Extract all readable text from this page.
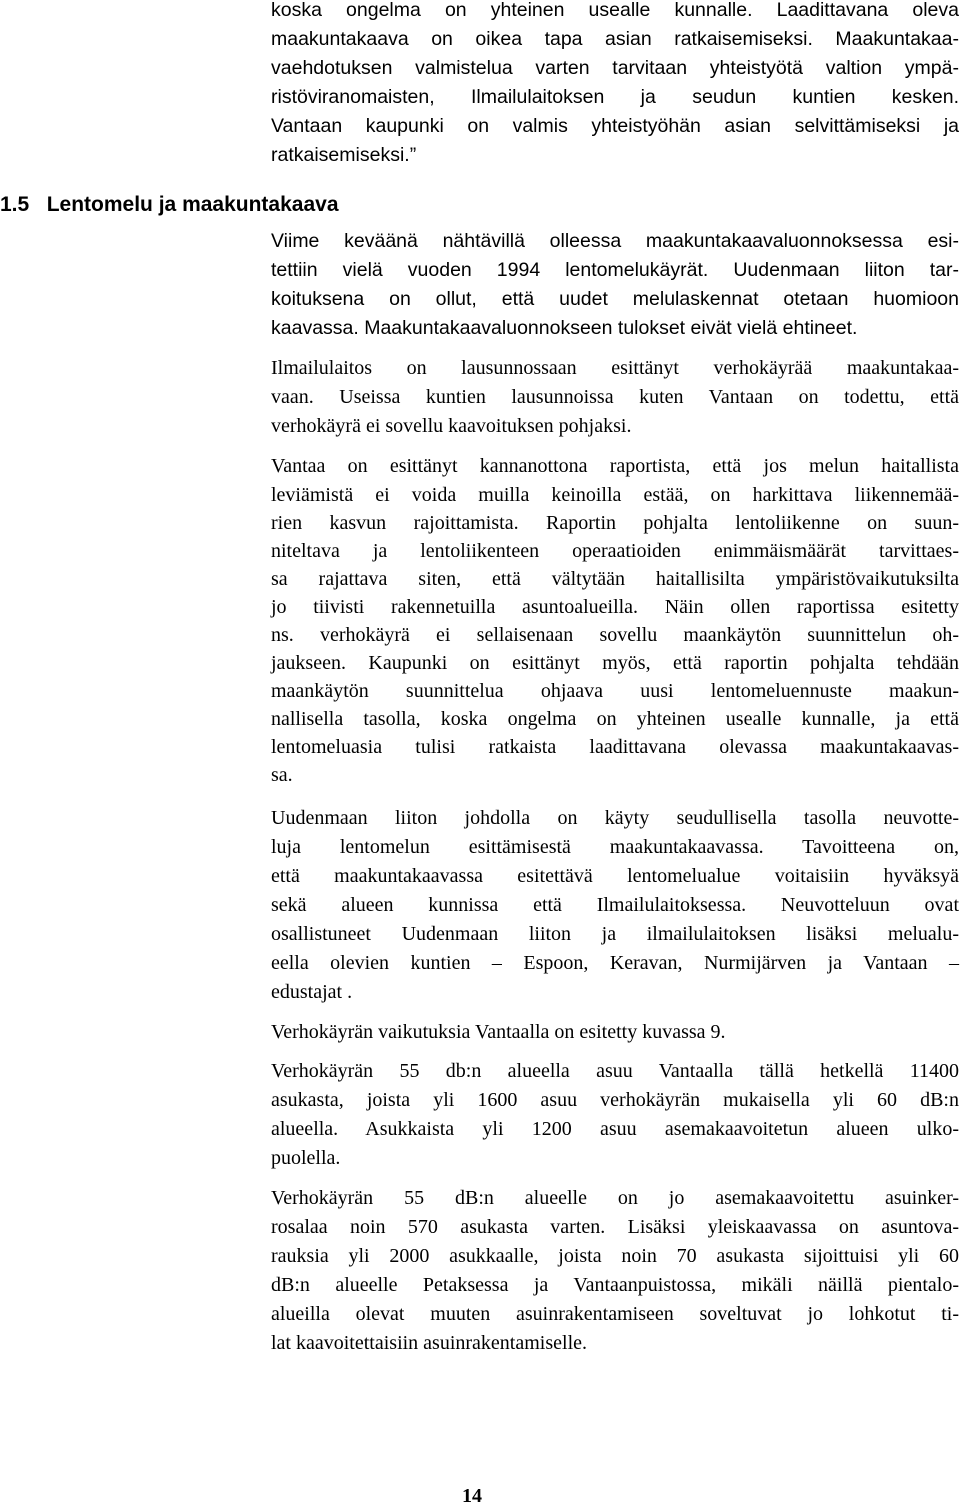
koska ongelma on yhteinen usealle kunnalle. Laadittavana oleva
maakuntakaava on oikea tapa asian ratkaisemiseksi. Maakuntakaa-
vaehdotuksen valmistelua varten tarvitaan yhteistyötä valtion ympä-
ristöviranomaisten, Ilmailulaitoksen ja seudun kuntien kesken.
Vantaan kaupunki on valmis yhteistyöhän asian selvittämiseksi ja
ratkaisemiseksi.”
1.5 Lentomelu ja maakuntakaava
Viime keväänä nähtävillä olleessa maakuntakaavaluonnoksessa esi-
tettiin vielä vuoden 1994 lentomelukäyrät. Uudenmaan liiton tar-
koituksena on ollut, että uudet melulaskennat otetaan huomioon
kaavassa. Maakuntakaavaluonnokseen tulokset eivät vielä ehtineet.
Ilmailulaitos on lausunnossaan esittänyt verhokäyrää maakuntakaa-
vaan. Useissa kuntien lausunnoissa kuten Vantaan on todettu, että
verhokäyrä ei sovellu kaavoituksen pohjaksi.
Vantaa on esittänyt kannanottona raportista, että jos melun haitallista
leviämistä ei voida muilla keinoilla estää, on harkittava liikennemää-
rien kasvun rajoittamista. Raportin pohjalta lentoliikenne on suun-
niteltava ja lentoliikenteen operaatioiden enimmäismäärät tarvittaes-
sa rajattava siten, että vältytään haitallisilta ympäristövaikutuksilta
jo tiivisti rakennetuilla asuntoalueilla. Näin ollen raportissa esitetty
ns. verhokäyrä ei sellaisenaan sovellu maankäytön suunnittelun oh-
jaukseen. Kaupunki on esittänyt myös, että raportin pohjalta tehdään
maankäytön suunnittelua ohjaava uusi lentomeluennuste maakun-
nallisella tasolla, koska ongelma on yhteinen usealle kunnalle, ja että
lentomeluasia tulisi ratkaista laadittavana olevassa maakuntakaavas-
sa.
Uudenmaan liiton johdolla on käyty seudullisella tasolla neuvotte-
luja lentomelun esittämisestä maakuntakaavassa. Tavoitteena on,
että maakuntakaavassa esitettävä lentomelualue voitaisiin hyväksyä
sekä alueen kunnissa että Ilmailulaitoksessa. Neuvotteluun ovat
osallistuneet Uudenmaan liiton ja ilmailulaitoksen lisäksi melualu-
eella olevien kuntien – Espoon, Keravan, Nurmijärven ja Vantaan –
edustajat .
Verhokäyrän vaikutuksia Vantaalla on esitetty kuvassa 9.
Verhokäyrän 55 db:n alueella asuu Vantaalla tällä hetkellä 11400
asukasta, joista yli 1600 asuu verhokäyrän mukaisella yli 60 dB:n
alueella. Asukkaista yli 1200 asuu asemakaavoitetun alueen ulko-
puolella.
Verhokäyrän 55 dB:n alueelle on jo asemakaavoitettu asuinker-
rosalaa noin 570 asukasta varten. Lisäksi yleiskaavassa on asuntova-
rauksia yli 2000 asukkaalle, joista noin 70 asukasta sijoittuisi yli 60
dB:n alueelle Petaksessa ja Vantaanpuistossa, mikäli näillä pientalo-
alueilla olevat muuten asuinrakentamiseen soveltuvat jo lohkotut ti-
lat kaavoitettaisiin asuinrakentamiselle.
14
